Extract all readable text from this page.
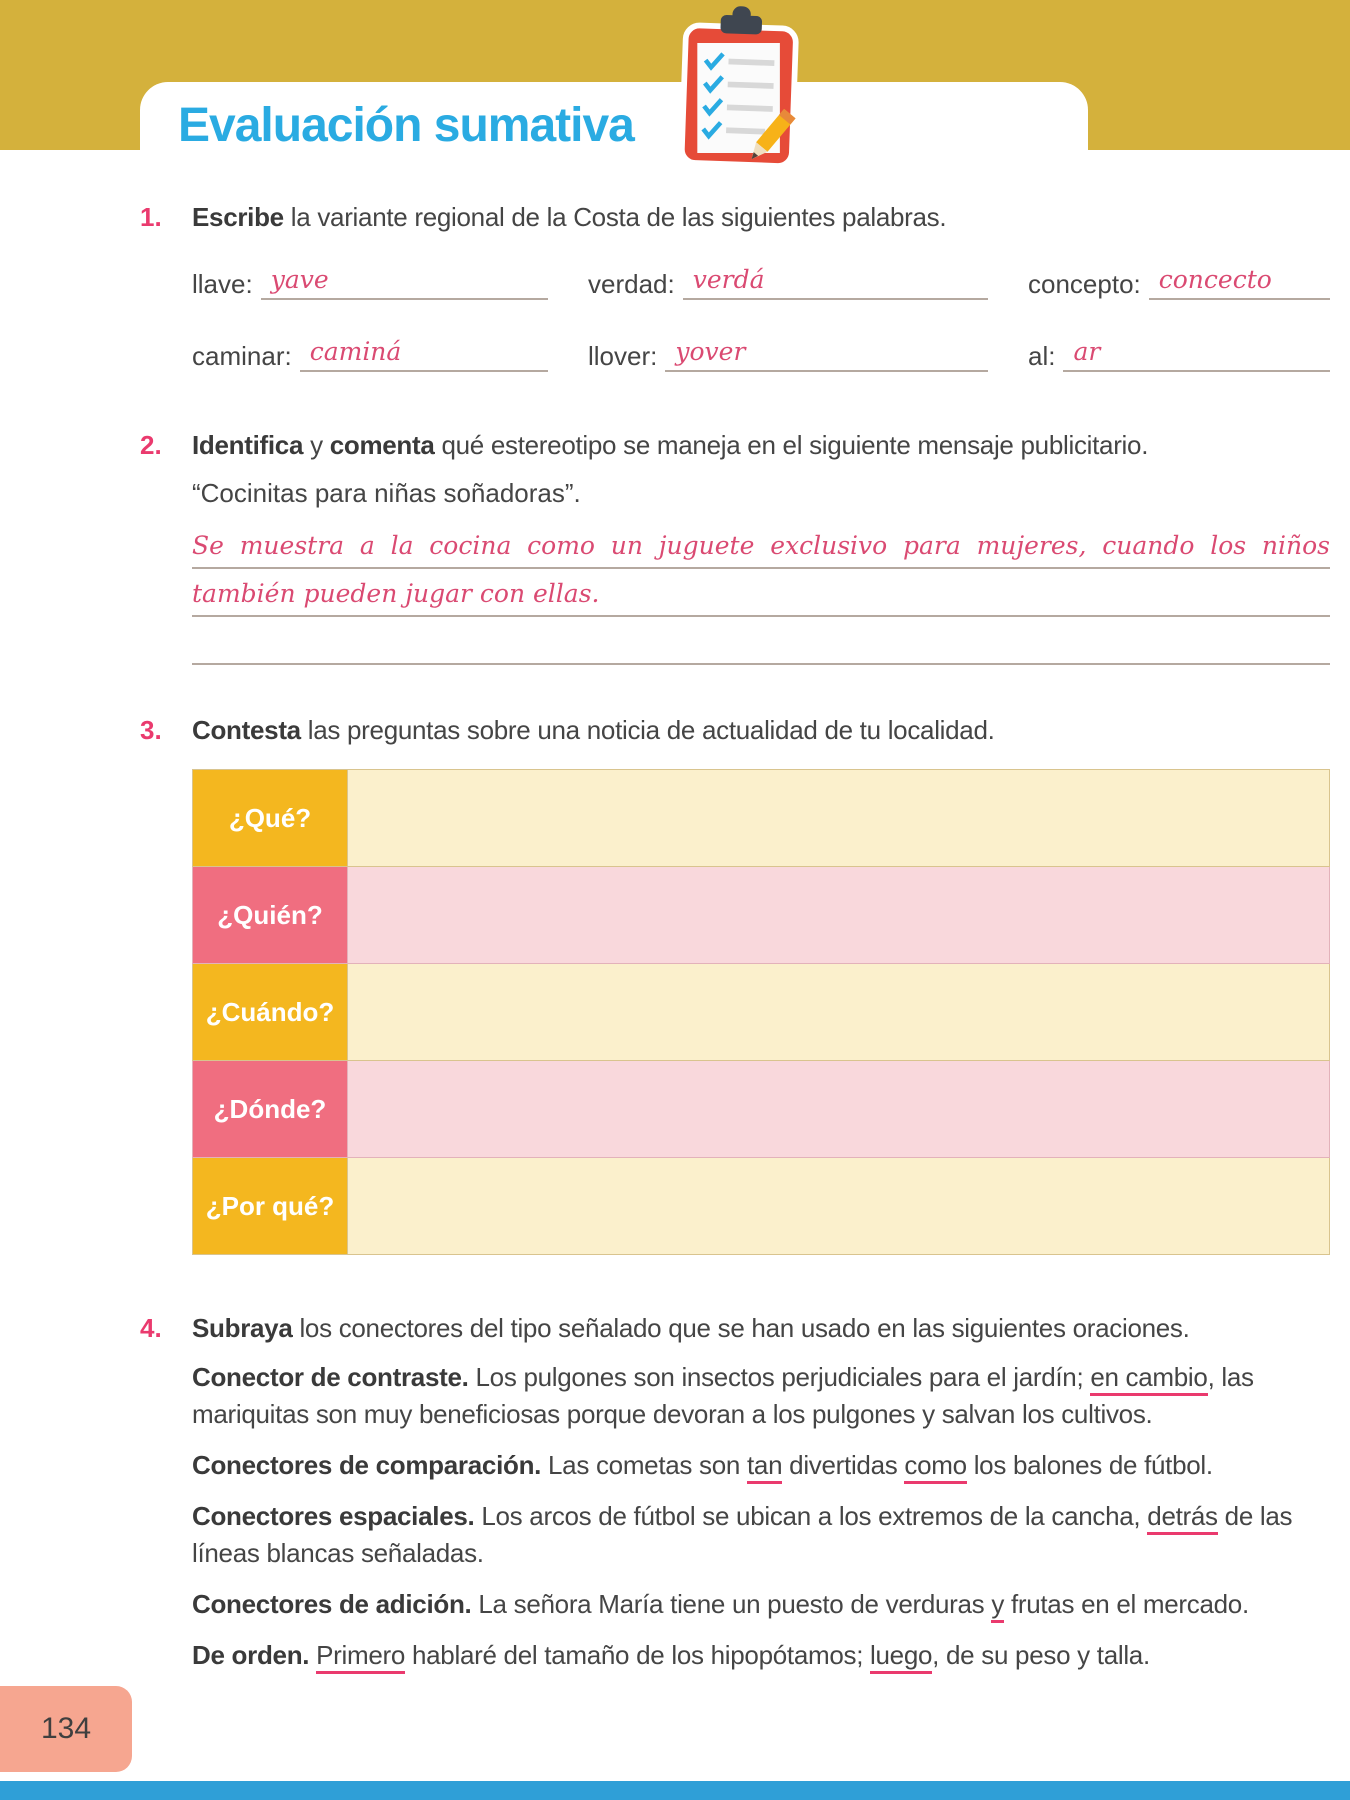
Evaluación sumativa
1.	Escribe la variante regional de la Costa de las siguientes palabras.

llave: yave	verdad: verdá	concepto: concecto
caminar: caminá	llover: yover	al: ar
2.	Identifica y comenta qué estereotipo se maneja en el siguiente mensaje publicitario.

“Cocinitas para niñas soñadoras”.

Se muestra a la cocina como un juguete exclusivo para mujeres, cuando los niños
también pueden jugar con ellas.
3.	Contesta las preguntas sobre una noticia de actualidad de tu localidad.

¿Qué?	
¿Quién?	
¿Cuándo?	
¿Dónde?	
¿Por qué?	
4.	Subraya los conectores del tipo señalado que se han usado en las siguientes oraciones.

Conector de contraste. Los pulgones son insectos perjudiciales para el jardín; en cambio, las mariquitas son muy beneficiosas porque devoran a los pulgones y salvan los cultivos.

Conectores de comparación. Las cometas son tan divertidas como los balones de fútbol.

Conectores espaciales. Los arcos de fútbol se ubican a los extremos de la cancha, detrás de las líneas blancas señaladas.

Conectores de adición. La señora María tiene un puesto de verduras y frutas en el mercado.

De orden. Primero hablaré del tamaño de los hipopótamos; luego, de su peso y talla.

134
